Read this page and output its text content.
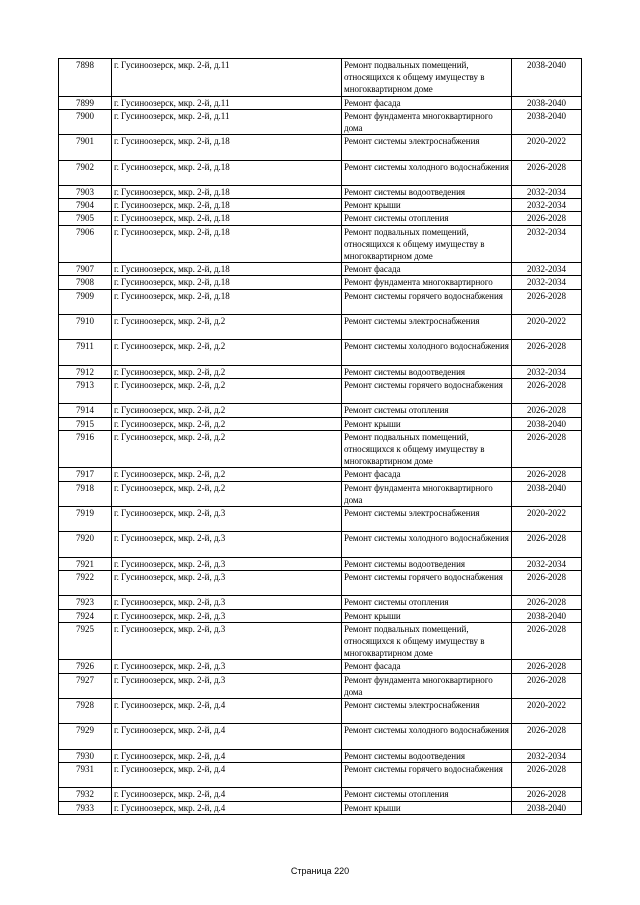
7898	г. Гусиноозерск, мкр. 2-й, д.11	Ремонт подвальных помещений, относящихся к общему имуществу в многоквартирном доме	2038-2040
7899	г. Гусиноозерск, мкр. 2-й, д.11	Ремонт фасада	2038-2040
7900	г. Гусиноозерск, мкр. 2-й, д.11	Ремонт фундамента многоквартирного дома	2038-2040
7901	г. Гусиноозерск, мкр. 2-й, д.18	Ремонт системы электроснабжения	2020-2022
7902	г. Гусиноозерск, мкр. 2-й, д.18	Ремонт системы холодного водоснабжения	2026-2028
7903	г. Гусиноозерск, мкр. 2-й, д.18	Ремонт системы водоотведения	2032-2034
7904	г. Гусиноозерск, мкр. 2-й, д.18	Ремонт крыши	2032-2034
7905	г. Гусиноозерск, мкр. 2-й, д.18	Ремонт системы отопления	2026-2028
7906	г. Гусиноозерск, мкр. 2-й, д.18	Ремонт подвальных помещений, относящихся к общему имуществу в многоквартирном доме	2032-2034
7907	г. Гусиноозерск, мкр. 2-й, д.18	Ремонт фасада	2032-2034
7908	г. Гусиноозерск, мкр. 2-й, д.18	Ремонт фундамента многоквартирного	2032-2034
7909	г. Гусиноозерск, мкр. 2-й, д.18	Ремонт системы горячего водоснабжения	2026-2028
7910	г. Гусиноозерск, мкр. 2-й, д.2	Ремонт системы электроснабжения	2020-2022
7911	г. Гусиноозерск, мкр. 2-й, д.2	Ремонт системы холодного водоснабжения	2026-2028
7912	г. Гусиноозерск, мкр. 2-й, д.2	Ремонт системы водоотведения	2032-2034
7913	г. Гусиноозерск, мкр. 2-й, д.2	Ремонт системы горячего водоснабжения	2026-2028
7914	г. Гусиноозерск, мкр. 2-й, д.2	Ремонт системы отопления	2026-2028
7915	г. Гусиноозерск, мкр. 2-й, д.2	Ремонт крыши	2038-2040
7916	г. Гусиноозерск, мкр. 2-й, д.2	Ремонт подвальных помещений, относящихся к общему имуществу в многоквартирном доме	2026-2028
7917	г. Гусиноозерск, мкр. 2-й, д.2	Ремонт фасада	2026-2028
7918	г. Гусиноозерск, мкр. 2-й, д.2	Ремонт фундамента многоквартирного дома	2038-2040
7919	г. Гусиноозерск, мкр. 2-й, д.3	Ремонт системы электроснабжения	2020-2022
7920	г. Гусиноозерск, мкр. 2-й, д.3	Ремонт системы холодного водоснабжения	2026-2028
7921	г. Гусиноозерск, мкр. 2-й, д.3	Ремонт системы водоотведения	2032-2034
7922	г. Гусиноозерск, мкр. 2-й, д.3	Ремонт системы горячего водоснабжения	2026-2028
7923	г. Гусиноозерск, мкр. 2-й, д.3	Ремонт системы отопления	2026-2028
7924	г. Гусиноозерск, мкр. 2-й, д.3	Ремонт крыши	2038-2040
7925	г. Гусиноозерск, мкр. 2-й, д.3	Ремонт подвальных помещений, относящихся к общему имуществу в многоквартирном доме	2026-2028
7926	г. Гусиноозерск, мкр. 2-й, д.3	Ремонт фасада	2026-2028
7927	г. Гусиноозерск, мкр. 2-й, д.3	Ремонт фундамента многоквартирного дома	2026-2028
7928	г. Гусиноозерск, мкр. 2-й, д.4	Ремонт системы электроснабжения	2020-2022
7929	г. Гусиноозерск, мкр. 2-й, д.4	Ремонт системы холодного водоснабжения	2026-2028
7930	г. Гусиноозерск, мкр. 2-й, д.4	Ремонт системы водоотведения	2032-2034
7931	г. Гусиноозерск, мкр. 2-й, д.4	Ремонт системы горячего водоснабжения	2026-2028
7932	г. Гусиноозерск, мкр. 2-й, д.4	Ремонт системы отопления	2026-2028
7933	г. Гусиноозерск, мкр. 2-й, д.4	Ремонт крыши	2038-2040
Страница 220
